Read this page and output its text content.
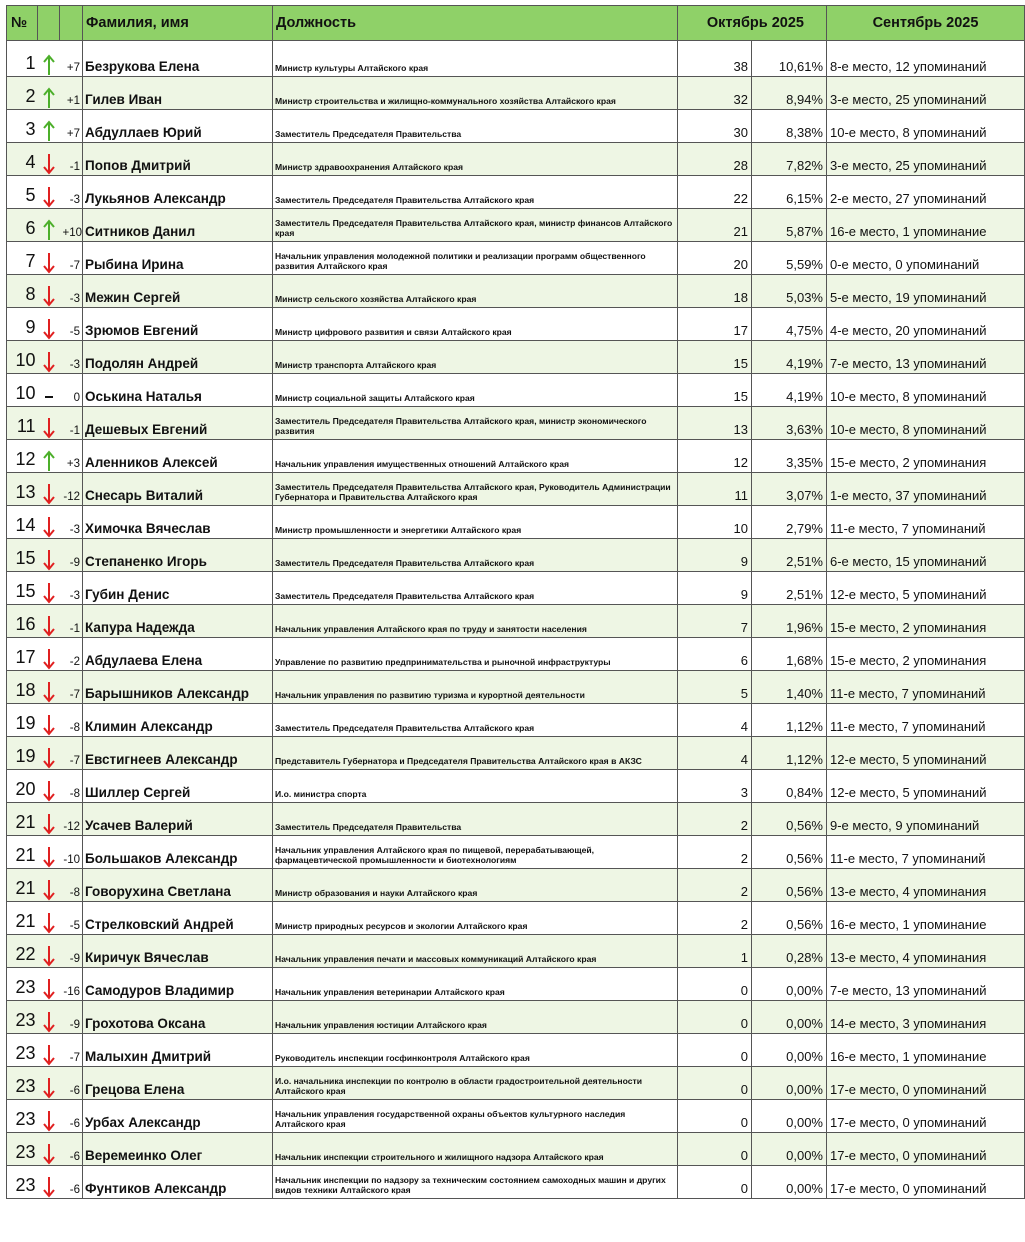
№			Фамилия, имя	Должность	Октябрь 2025		Сентябрь 2025
1		+7	Безрукова Елена	Министр культуры Алтайского края	38	10,61%	8-е место, 12 упоминаний
2		+1	Гилев Иван	Министр строительства и жилищно-коммунального хозяйства Алтайского края	32	8,94%	3-е место, 25 упоминаний
3		+7	Абдуллаев Юрий	Заместитель Председателя Правительства	30	8,38%	10-е место, 8 упоминаний
4		-1	Попов Дмитрий	Министр здравоохранения Алтайского края	28	7,82%	3-е место, 25 упоминаний
5		-3	Лукьянов Александр	Заместитель Председателя Правительства Алтайского края	22	6,15%	2-е место, 27 упоминаний
6		+10	Ситников Данил	Заместитель Председателя Правительства Алтайского края, министр финансов Алтайского края	21	5,87%	16-е место, 1 упоминание
7		-7	Рыбина Ирина	Начальник управления молодежной политики и реализации программ общественного развития Алтайского края	20	5,59%	0-е место, 0 упоминаний
8		-3	Межин Сергей	Министр сельского хозяйства Алтайского края	18	5,03%	5-е место, 19 упоминаний
9		-5	Зрюмов Евгений	Министр цифрового развития и связи Алтайского края	17	4,75%	4-е место, 20 упоминаний
10		-3	Подолян Андрей	Министр транспорта Алтайского края	15	4,19%	7-е место, 13 упоминаний
10		0	Оськина Наталья	Министр социальной защиты Алтайского края	15	4,19%	10-е место, 8 упоминаний
11		-1	Дешевых Евгений	Заместитель Председателя Правительства Алтайского края, министр экономического развития	13	3,63%	10-е место, 8 упоминаний
12		+3	Аленников Алексей	Начальник управления имущественных отношений Алтайского края	12	3,35%	15-е место, 2 упоминания
13		-12	Снесарь Виталий	Заместитель Председателя Правительства Алтайского края, Руководитель Администрации Губернатора и Правительства Алтайского края	11	3,07%	1-е место, 37 упоминаний
14		-3	Химочка Вячеслав	Министр промышленности и энергетики Алтайского края	10	2,79%	11-е место, 7 упоминаний
15		-9	Степаненко Игорь	Заместитель Председателя Правительства Алтайского края	9	2,51%	6-е место, 15 упоминаний
15		-3	Губин Денис	Заместитель Председателя Правительства Алтайского края	9	2,51%	12-е место, 5 упоминаний
16		-1	Капура Надежда	Начальник управления Алтайского края по труду и занятости населения	7	1,96%	15-е место, 2 упоминания
17		-2	Абдулаева Елена	Управление по развитию предпринимательства и рыночной инфраструктуры	6	1,68%	15-е место, 2 упоминания
18		-7	Барышников Александр	Начальник управления по развитию туризма и курортной деятельности	5	1,40%	11-е место, 7 упоминаний
19		-8	Климин Александр	Заместитель Председателя Правительства Алтайского края	4	1,12%	11-е место, 7 упоминаний
19		-7	Евстигнеев Александр	Представитель Губернатора и Председателя Правительства Алтайского края в АКЗС	4	1,12%	12-е место, 5 упоминаний
20		-8	Шиллер Сергей	И.о. министра спорта	3	0,84%	12-е место, 5 упоминаний
21		-12	Усачев Валерий	Заместитель Председателя Правительства	2	0,56%	9-е место, 9 упоминаний
21		-10	Большаков Александр	Начальник управления Алтайского края по пищевой, перерабатывающей, фармацевтической промышленности и биотехнологиям	2	0,56%	11-е место, 7 упоминаний
21		-8	Говорухина Светлана	Министр образования и науки Алтайского края	2	0,56%	13-е место, 4 упоминания
21		-5	Стрелковский Андрей	Министр природных ресурсов и экологии Алтайского края	2	0,56%	16-е место, 1 упоминание
22		-9	Киричук Вячеслав	Начальник управления печати и массовых коммуникаций Алтайского края	1	0,28%	13-е место, 4 упоминания
23		-16	Самодуров Владимир	Начальник управления ветеринарии Алтайского края	0	0,00%	7-е место, 13 упоминаний
23		-9	Грохотова Оксана	Начальник управления юстиции Алтайского края	0	0,00%	14-е место, 3 упоминания
23		-7	Малыхин Дмитрий	Руководитель инспекции госфинконтроля Алтайского края	0	0,00%	16-е место, 1 упоминание
23		-6	Грецова Елена	И.о. начальника инспекции по контролю в области градостроительной деятельности Алтайского края	0	0,00%	17-е место, 0 упоминаний
23		-6	Урбах Александр	Начальник управления государственной охраны объектов культурного наследия Алтайского края	0	0,00%	17-е место, 0 упоминаний
23		-6	Веремеинко Олег	Начальник инспекции строительного и жилищного надзора Алтайского края	0	0,00%	17-е место, 0 упоминаний
23		-6	Фунтиков Александр	Начальник инспекции по надзору за техническим состоянием самоходных машин и других видов техники Алтайского края	0	0,00%	17-е место, 0 упоминаний
